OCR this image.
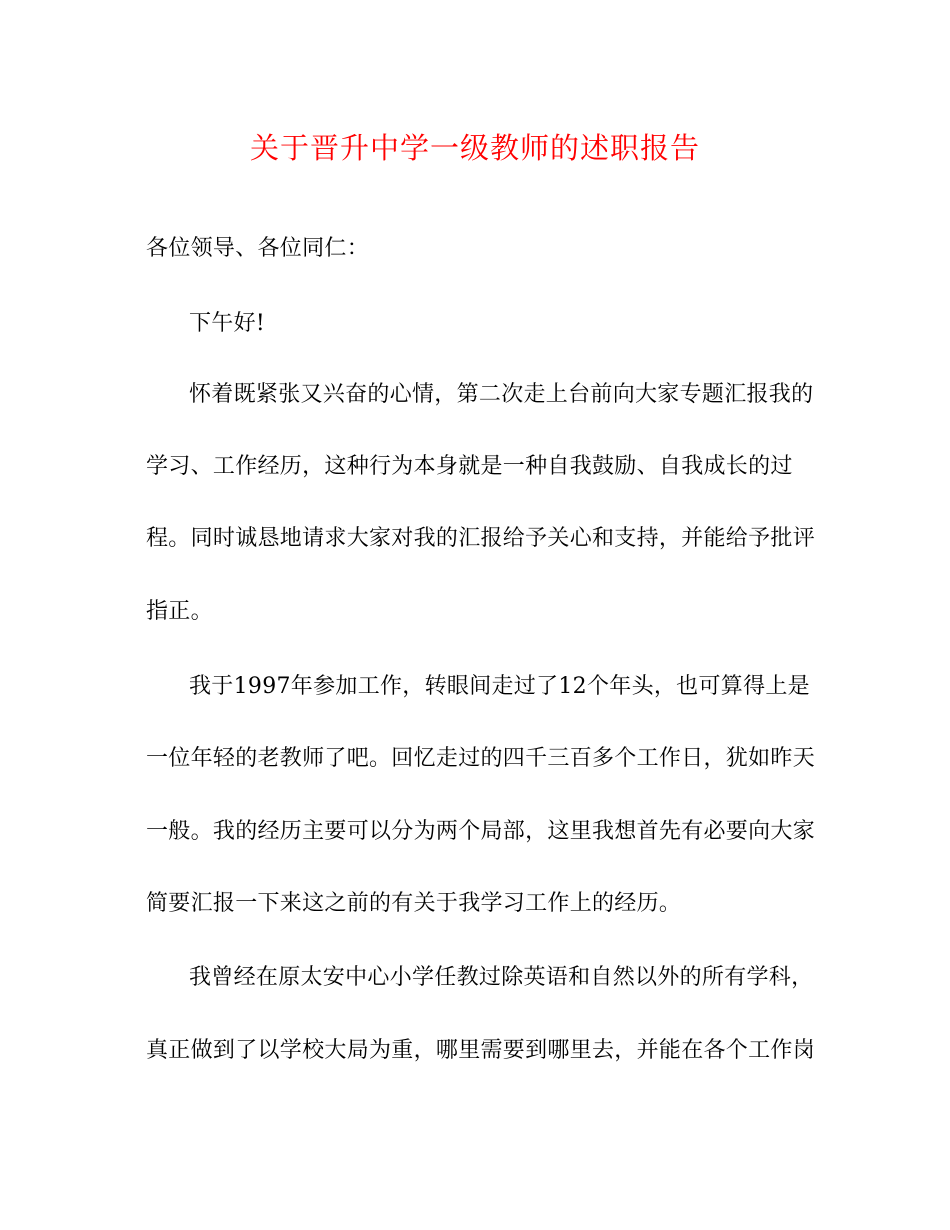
关于晋升中学一级教师的述职报告
各位领导、各位同仁：
下午好!
怀着既紧张又兴奋的心情，第二次走上台前向大家专题汇报我的
学习、工作经历，这种行为本身就是一种自我鼓励、自我成长的过
程。同时诚恳地请求大家对我的汇报给予关心和支持，并能给予批评
指正。
我于1997年参加工作，转眼间走过了12个年头，也可算得上是
一位年轻的老教师了吧。回忆走过的四千三百多个工作日，犹如昨天
一般。我的经历主要可以分为两个局部，这里我想首先有必要向大家
简要汇报一下来这之前的有关于我学习工作上的经历。
我曾经在原太安中心小学任教过除英语和自然以外的所有学科，
真正做到了以学校大局为重，哪里需要到哪里去，并能在各个工作岗
